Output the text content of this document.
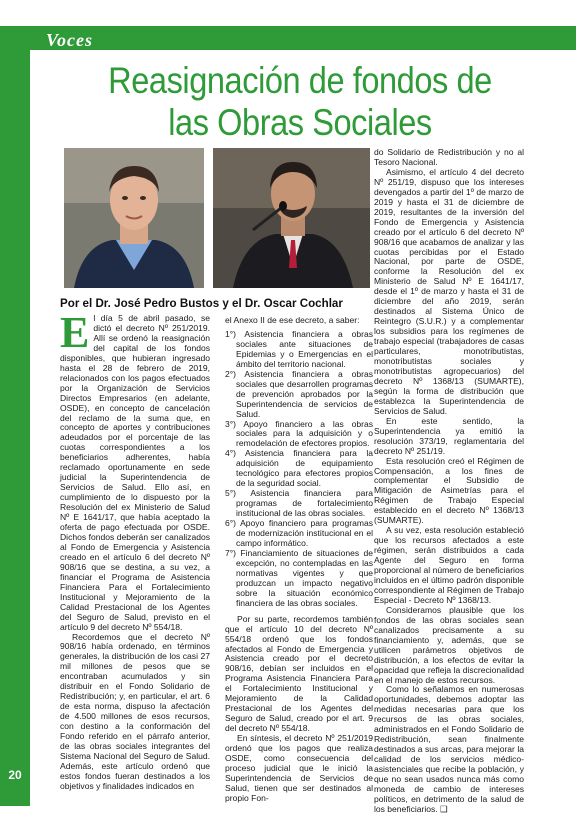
Voces
Reasignación de fondos de
las Obras Sociales
Por el Dr. José Pedro Bustos y el Dr. Oscar Cochlar
E l día 5 de abril pasado, se dictó el decreto Nº 251/2019. Allí se ordenó la reasignación del capital de los fondos disponibles, que hubieran ingresado hasta el 28 de febrero de 2019, relacionados con los pagos efectuados por la Organización de Servicios Directos Empresarios (en adelante, OSDE), en concepto de cancelación del reclamo de la suma que, en concepto de aportes y contribuciones adeudados por el porcentaje de las cuotas correspondientes a los beneficiarios adherentes, había reclamado oportunamente en sede judicial la Superintendencia de Servicios de Salud. Ello así, en cumplimiento de lo dispuesto por la Resolución del ex Ministerio de Salud Nº E 1641/17, que había aceptado la oferta de pago efectuada por OSDE. Dichos fondos deberán ser canalizados al Fondo de Emergencia y Asistencia creado en el artículo 6 del decreto Nº 908/16 que se destina, a su vez, a financiar el Programa de Asistencia Financiera Para el Fortalecimiento Institucional y Mejoramiento de la Calidad Prestacional de los Agentes del Seguro de Salud, previsto en el artículo 9 del decreto Nº 554/18.

Recordemos que el decreto Nº 908/16 había ordenado, en términos generales, la distribución de los casi 27 mil millones de pesos que se encontraban acumulados y sin distribuir en el Fondo Solidario de Redistribución; y, en particular, el art. 6 de esta norma, dispuso la afectación de 4.500 millones de esos recursos, con destino a la conformación del Fondo referido en el párrafo anterior, de las obras sociales integrantes del Sistema Nacional del Seguro de Salud. Además, este artículo ordenó que estos fondos fueran destinados a los objetivos y finalidades indicados en

el Anexo II de ese decreto, a saber:

1°) Asistencia financiera a obras sociales ante situaciones de Epidemias y o Emergencias en el ámbito del territorio nacional.

2°) Asistencia financiera a obras sociales que desarrollen programas de prevención aprobados por la Superintendencia de servicios de Salud.

3°) Apoyo financiero a las obras sociales para la adquisición y o remodelación de efectores propios.

4°) Asistencia financiera para la adquisición de equipamiento tecnológico para efectores propios de la seguridad social.

5°) Asistencia financiera para programas de fortalecimiento institucional de las obras sociales.

6°) Apoyo financiero para programas de modernización institucional en el campo informático.

7°) Financiamiento de situaciones de excepción, no contempladas en las normativas vigentes y que produzcan un impacto negativo sobre la situación económico financiera de las obras sociales.

Por su parte, recordemos también que el artículo 10 del decreto Nº 554/18 ordenó que los fondos afectados al Fondo de Emergencia y Asistencia creado por el decreto 908/16, debían ser incluidos en el Programa Asistencia Financiera Para el Fortalecimiento Institucional y Mejoramiento de la Calidad Prestacional de los Agentes del Seguro de Salud, creado por el art. 9 del decreto Nº 554/18.

En síntesis, el decreto Nº 251/2019 ordenó que los pagos que realiza OSDE, como consecuencia del proceso judicial que le inició la Superintendencia de Servicios de Salud, tienen que ser destinados al propio Fon-

do Solidario de Redistribución y no al Tesoro Nacional.

Asimismo, el artículo 4 del decreto Nº 251/19, dispuso que los intereses devengados a partir del 1º de marzo de 2019 y hasta el 31 de diciembre de 2019, resultantes de la inversión del Fondo de Emergencia y Asistencia creado por el artículo 6 del decreto Nº 908/16 que acabamos de analizar y las cuotas percibidas por el Estado Nacional, por parte de OSDE, conforme la Resolución del ex Ministerio de Salud Nº E 1641/17, desde el 1º de marzo y hasta el 31 de diciembre del año 2019, serán destinados al Sistema Único de Reintegro (S.U.R.) y a complementar los subsidios para los regímenes de trabajo especial (trabajadores de casas particulares, monotributistas, monotributistas sociales y monotributistas agropecuarios) del decreto Nº 1368/13 (SUMARTE), según la forma de distribución que establezca la Superintendencia de Servicios de Salud.

En este sentido, la Superintendencia ya emitió la resolución 373/19, reglamentaria del decreto Nº 251/19.

Esta resolución creó el Régimen de Compensación, a los fines de complementar el Subsidio de Mitigación de Asimetrías para el Régimen de Trabajo Especial establecido en el decreto Nº 1368/13 (SUMARTE).

A su vez, esta resolución estableció que los recursos afectados a este régimen, serán distribuidos a cada Agente del Seguro en forma proporcional al número de beneficiarios incluidos en el último padrón disponible correspondiente al Régimen de Trabajo Especial - Decreto Nº 1368/13.

Consideramos plausible que los fondos de las obras sociales sean canalizados precisamente a su financiamiento y, además, que se utilicen parámetros objetivos de distribución, a los efectos de evitar la opacidad que refleja la discrecionalidad en el manejo de estos recursos.

Como lo señalamos en numerosas oportunidades, debemos adoptar las medidas necesarias para que los recursos de las obras sociales, administrados en el Fondo Solidario de Redistribución, sean finalmente destinados a sus arcas, para mejorar la calidad de los servicios médico-asistenciales que recibe la población, y que no sean usados nunca más como moneda de cambio de intereses políticos, en detrimento de la salud de los beneficiarios. ❑

20
